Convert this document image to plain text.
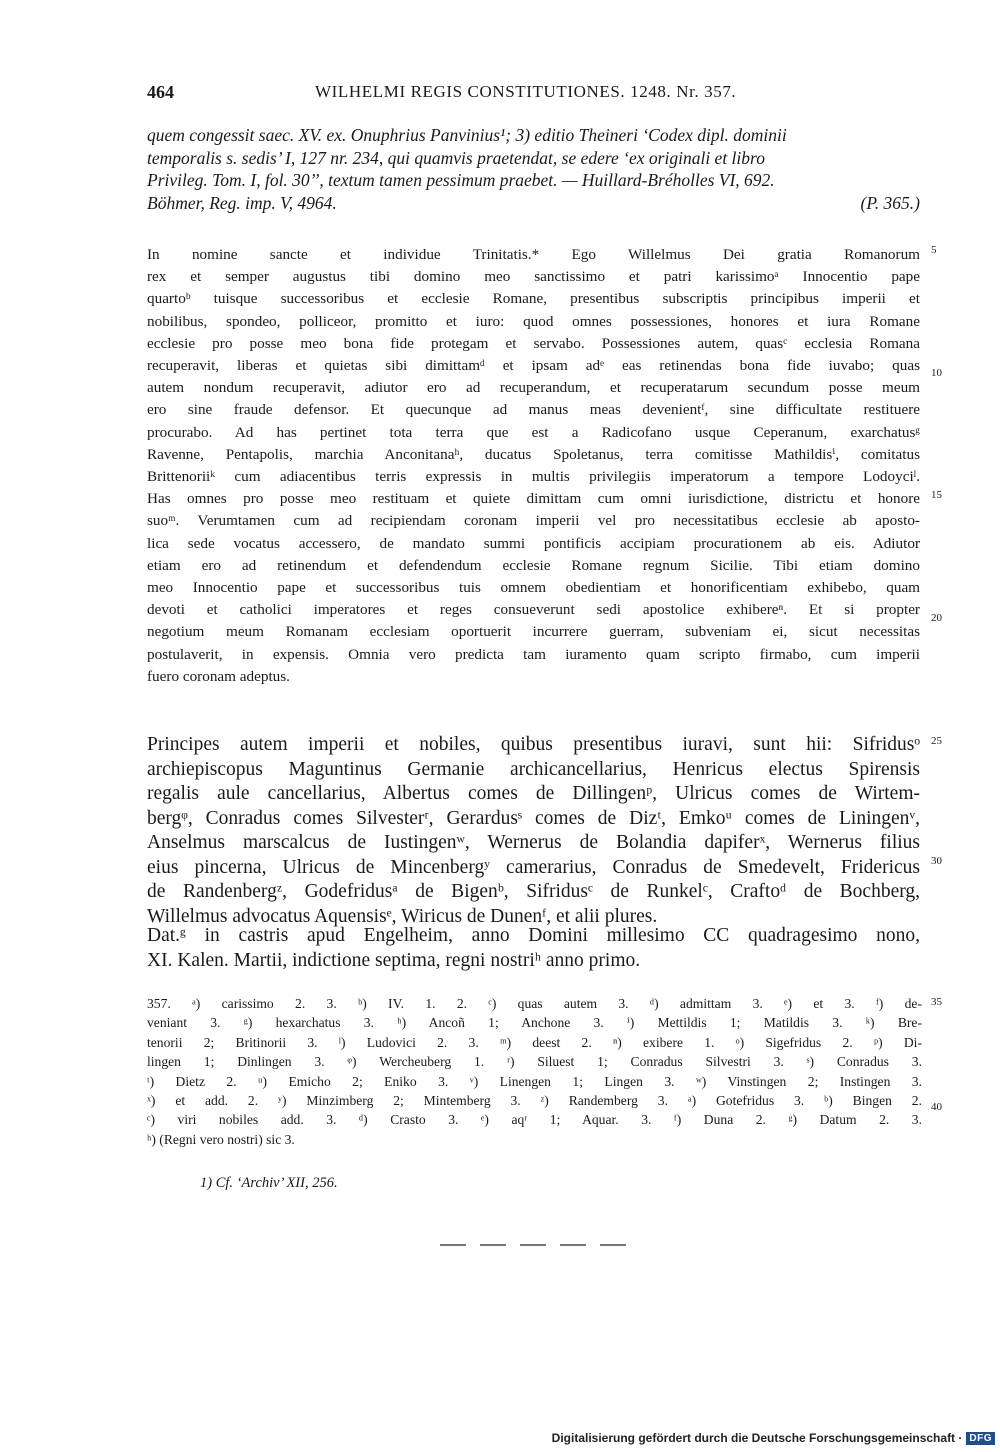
464	WILHELMI REGIS CONSTITUTIONES. 1248. Nr. 357.
quem congessit saec. XV. ex. Onuphrius Panvinius¹; 3) editio Theineri ‘Codex dipl. dominii
temporalis s. sedis’ I, 127 nr. 234, qui quamvis praetendat, se edere ‘ex originali et libro
Privileg. Tom. I, fol. 30’’, textum tamen pessimum praebet. — Huillard-Bréholles VI, 692.
Böhmer, Reg. imp. V, 4964.	(P. 365.)
In nomine sancte et individue Trinitatis.* Ego Willelmus Dei gratia Romanorum
rex et semper augustus tibi domino meo sanctissimo et patri karissimoᵃ Innocentio pape
quartoᵇ tuisque successoribus et ecclesie Romane, presentibus subscriptis principibus imperii et
nobilibus, spondeo, polliceor, promitto et iuro: quod omnes possessiones, honores et iura Romane
ecclesie pro posse meo bona fide protegam et servabo. Possessiones autem, quasᶜ ecclesia Romana
recuperavit, liberas et quietas sibi dimittamᵈ et ipsam adᵉ eas retinendas bona fide iuvabo; quas
autem nondum recuperavit, adiutor ero ad recuperandum, et recuperatarum secundum posse meum
ero sine fraude defensor. Et quecunque ad manus meas devenientᶠ, sine difficultate restituere
procurabo. Ad has pertinet tota terra que est a Radicofano usque Ceperanum, exarchatusᵍ
Ravenne, Pentapolis, marchia Anconitanaʰ, ducatus Spoletanus, terra comitisse Mathildisⁱ, comitatus
Brittenoriiᵏ cum adiacentibus terris expressis in multis privilegiis imperatorum a tempore Lodoyciˡ.
Has omnes pro posse meo restituam et quiete dimittam cum omni iurisdictione, districtu et honore
suoᵐ. Verumtamen cum ad recipiendam coronam imperii vel pro necessitatibus ecclesie ab aposto-
lica sede vocatus accessero, de mandato summi pontificis accipiam procurationem ab eis. Adiutor
etiam ero ad retinendum et defendendum ecclesie Romane regnum Sicilie. Tibi etiam domino
meo Innocentio pape et successoribus tuis omnem obedientiam et honorificentiam exhibebo, quam
devoti et catholici imperatores et reges consueverunt sedi apostolice exhibereⁿ. Et si propter
negotium meum Romanam ecclesiam oportuerit incurrere guerram, subveniam ei, sicut necessitas
postulaverit, in expensis. Omnia vero predicta tam iuramento quam scripto firmabo, cum imperii
fuero coronam adeptus.
Principes autem imperii et nobiles, quibus presentibus iuravi, sunt hii: Sifridusᵒ
archiepiscopus Maguntinus Germanie archicancellarius, Henricus electus Spirensis
regalis aule cancellarius, Albertus comes de Dillingenᵖ, Ulricus comes de Wirtem-
bergᵠ, Conradus comes Silvesterʳ, Gerardusˢ comes de Dizᵗ, Emkoᵘ comes de Liningenᵛ,
Anselmus marscalcus de Iustingenʷ, Wernerus de Bolandia dapiferˣ, Wernerus filius
eius pincerna, Ulricus de Mincenbergʸ camerarius, Conradus de Smedevelt, Fridericus
de Randenbergᶻ, Godefridusᵃ de Bigenᵇ, Sifridusᶜ de Runkelᶜ, Craftoᵈ de Bochberg,
Willelmus advocatus Aquensisᵉ, Wiricus de Dunenᶠ, et alii plures.
Dat.ᵍ in castris apud Engelheim, anno Domini millesimo CC quadragesimo nono,
XI. Kalen. Martii, indictione septima, regni nostriʰ anno primo.
357. ᵃ) carissimo 2. 3. ᵇ) IV. 1. 2. ᶜ) quas autem 3. ᵈ) admittam 3. ᵉ) et 3. ᶠ) de-
veniant 3. ᵍ) hexarchatus 3. ʰ) Ancoñ 1; Anchone 3. ⁱ) Mettildis 1; Matildis 3. ᵏ) Bre-
tenorii 2; Britinorii 3. ˡ) Ludovici 2. 3. ᵐ) deest 2. ⁿ) exibere 1. ᵒ) Sigefridus 2. ᵖ) Di-
lingen 1; Dinlingen 3. ᵠ) Wercheuberg 1. ʳ) Siluest 1; Conradus Silvestri 3. ˢ) Conradus 3.
ᵗ) Dietz 2. ᵘ) Emicho 2; Eniko 3. ᵛ) Linengen 1; Lingen 3. ʷ) Vinstingen 2; Instingen 3.
ˣ) et add. 2. ʸ) Minzimberg 2; Mintemberg 3. ᶻ) Randemberg 3. ᵃ) Gotefridus 3. ᵇ) Bingen 2.
ᶜ) viri nobiles add. 3. ᵈ) Crasto 3. ᵉ) aqʳ 1; Aquar. 3. ᶠ) Duna 2. ᵍ) Datum 2. 3.
ʰ) (Regni vero nostri) sic 3.
1) Cf. ‘Archiv’ XII, 256.
5
10
15
20
25
30
35
40
Digitalisierung gefördert durch die Deutsche Forschungsgemeinschaft · DFG
